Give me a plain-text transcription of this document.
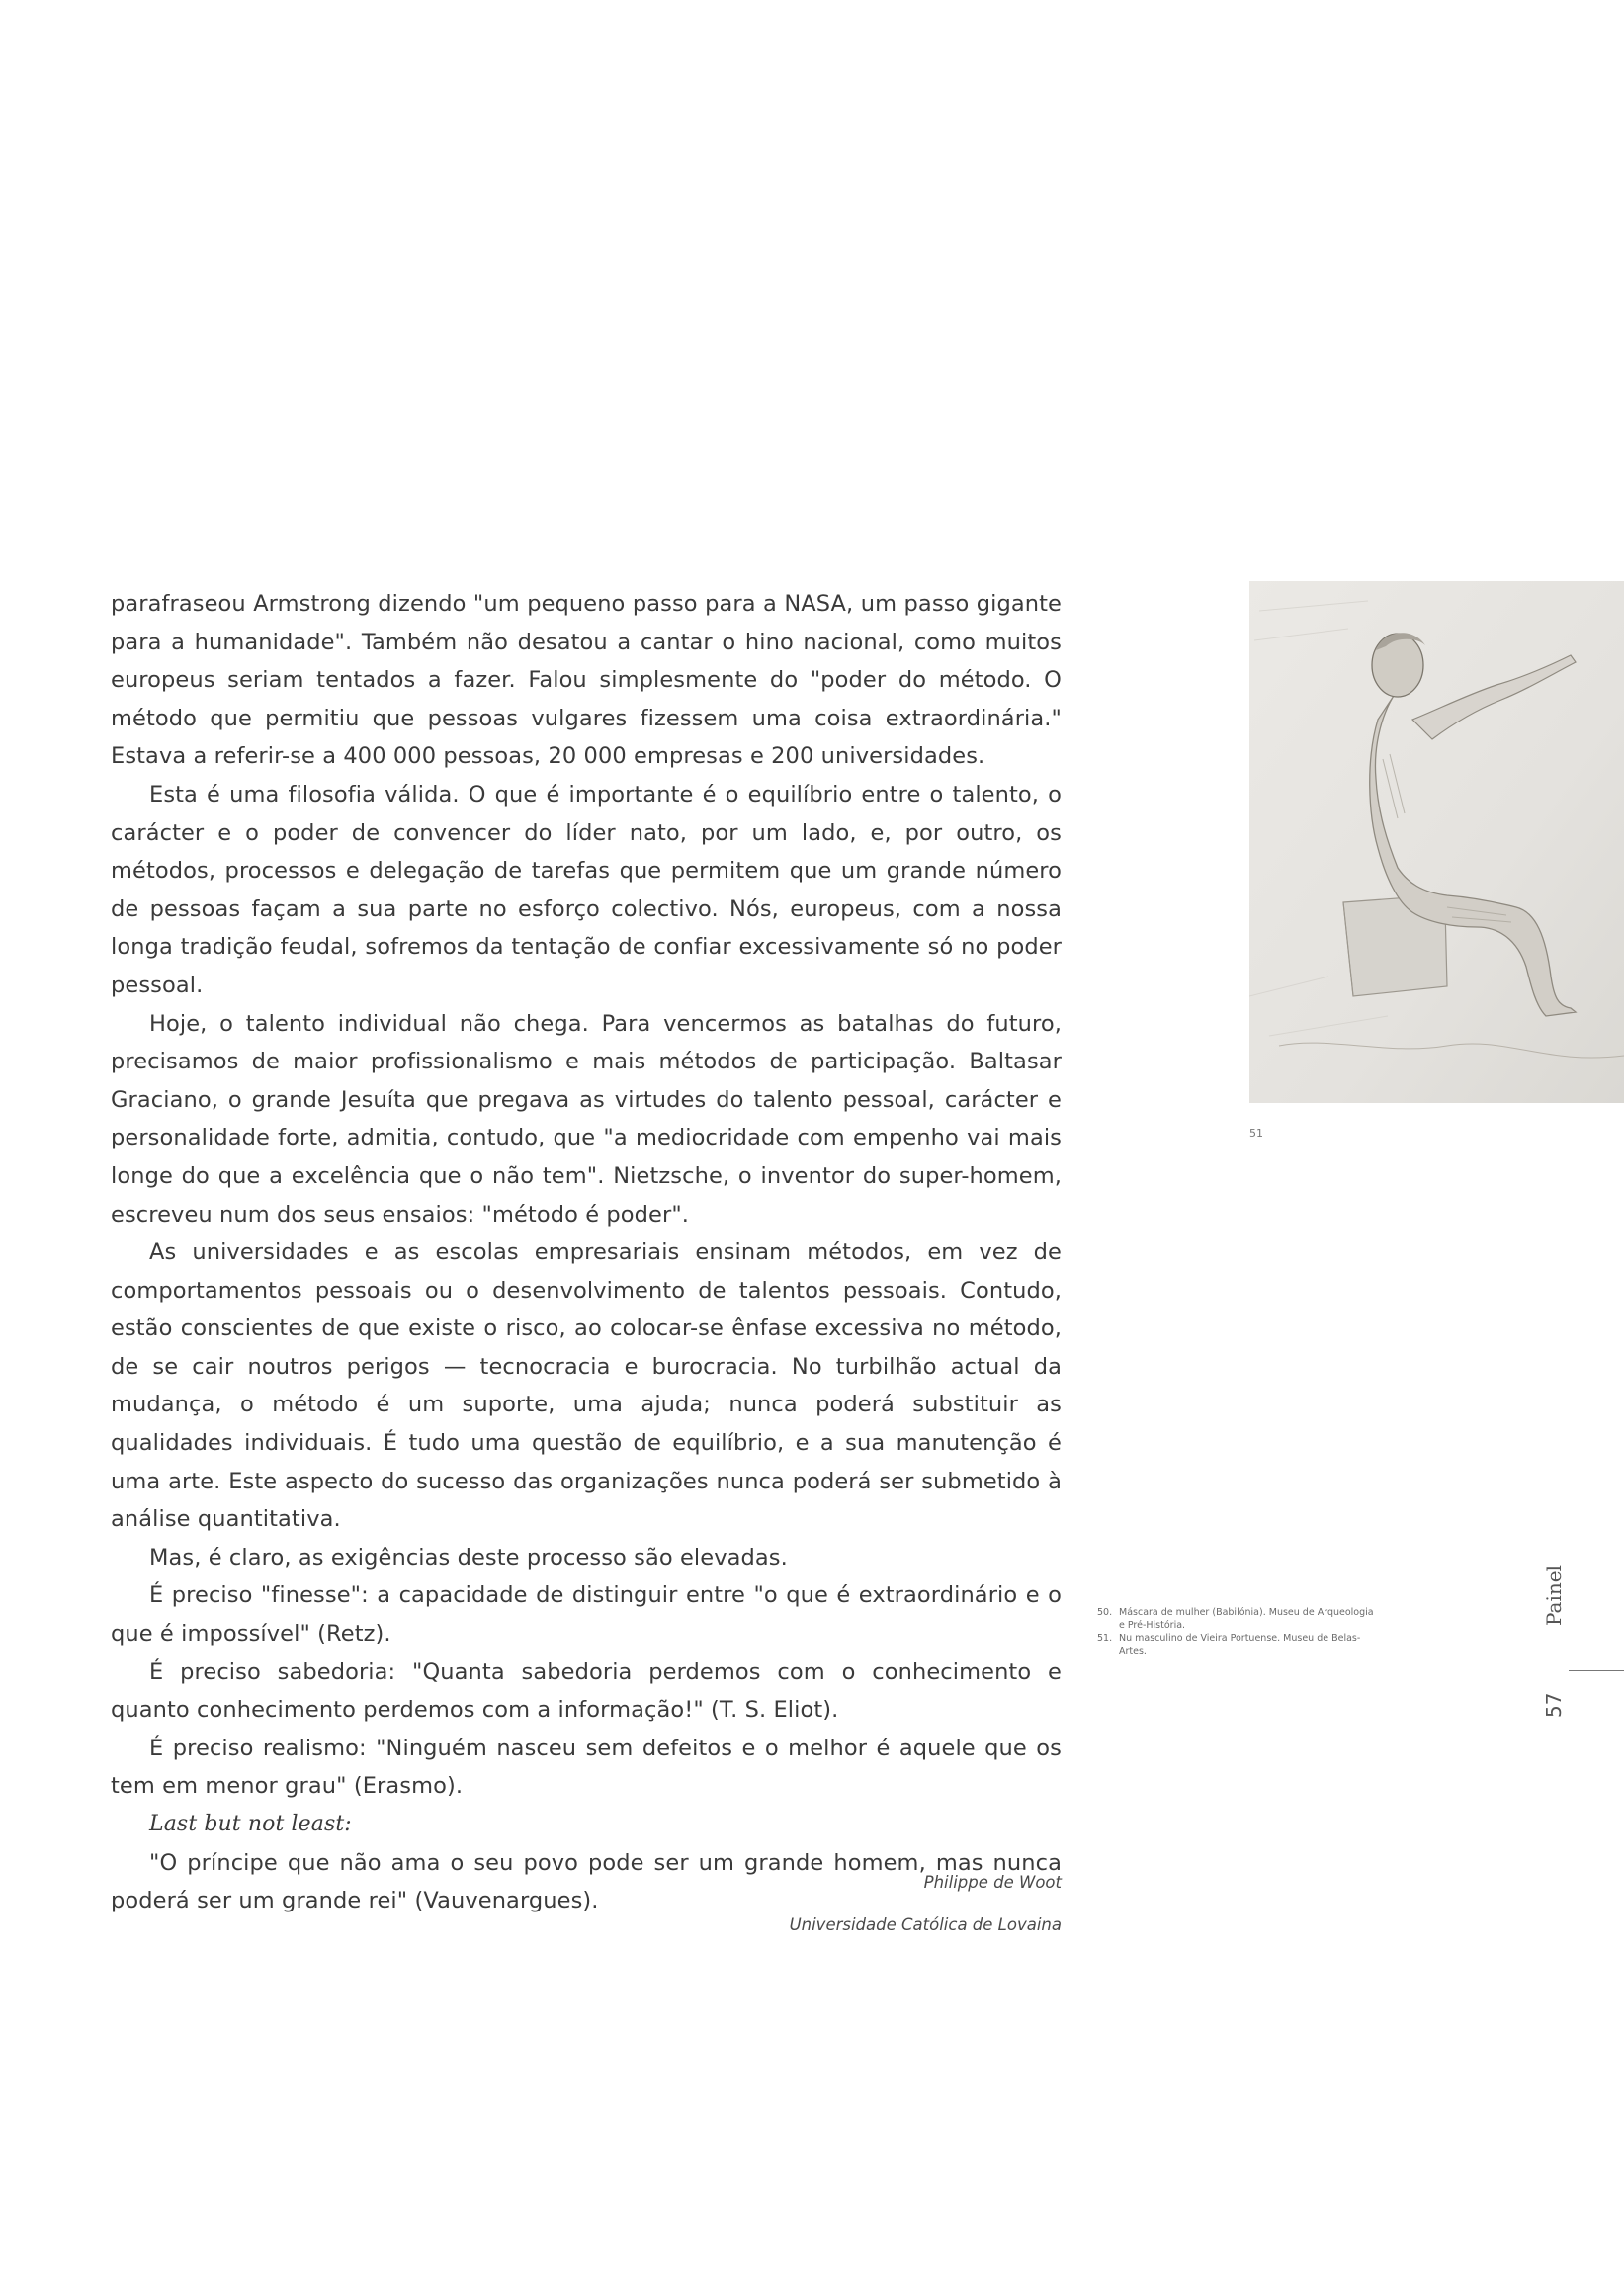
parafraseou Armstrong dizendo "um pequeno passo para a NASA, um passo gigante para a humanidade". Também não desatou a cantar o hino nacional, como muitos europeus seriam tentados a fazer. Falou simplesmente do "poder do método. O método que permitiu que pessoas vulgares fizessem uma coisa extraordinária." Estava a referir-se a 400 000 pessoas, 20 000 empresas e 200 universidades.

Esta é uma filosofia válida. O que é importante é o equilíbrio entre o talento, o carácter e o poder de convencer do líder nato, por um lado, e, por outro, os métodos, processos e delegação de tarefas que permitem que um grande número de pessoas façam a sua parte no esforço colectivo. Nós, europeus, com a nossa longa tradição feudal, sofremos da tentação de confiar excessivamente só no poder pessoal.

Hoje, o talento individual não chega. Para vencermos as batalhas do futuro, precisamos de maior profissionalismo e mais métodos de participação. Baltasar Graciano, o grande Jesuíta que pregava as virtudes do talento pessoal, carácter e personalidade forte, admitia, contudo, que "a mediocridade com empenho vai mais longe do que a excelência que o não tem". Nietzsche, o inventor do super-homem, escreveu num dos seus ensaios: "método é poder".

As universidades e as escolas empresariais ensinam métodos, em vez de comportamentos pessoais ou o desenvolvimento de talentos pessoais. Contudo, estão conscientes de que existe o risco, ao colocar-se ênfase excessiva no método, de se cair noutros perigos — tecnocracia e burocracia. No turbilhão actual da mudança, o método é um suporte, uma ajuda; nunca poderá substituir as qualidades individuais. É tudo uma questão de equilíbrio, e a sua manutenção é uma arte. Este aspecto do sucesso das organizações nunca poderá ser submetido à análise quantitativa.

Mas, é claro, as exigências deste processo são elevadas.

É preciso "finesse": a capacidade de distinguir entre "o que é extraordinário e o que é impossível" (Retz).

É preciso sabedoria: "Quanta sabedoria perdemos com o conhecimento e quanto conhecimento perdemos com a informação!" (T. S. Eliot).

É preciso realismo: "Ninguém nasceu sem defeitos e o melhor é aquele que os tem em menor grau" (Erasmo).

Last but not least:

"O príncipe que não ama o seu povo pode ser um grande homem, mas nunca poderá ser um grande rei" (Vauvenargues).

Philippe de Woot
Universidade Católica de Lovaina
51

50. Máscara de mulher (Babilónia). Museu de Arqueologia e Pré-História.

51. Nu masculino de Vieira Portuense. Museu de Belas-Artes.

Painel
57
